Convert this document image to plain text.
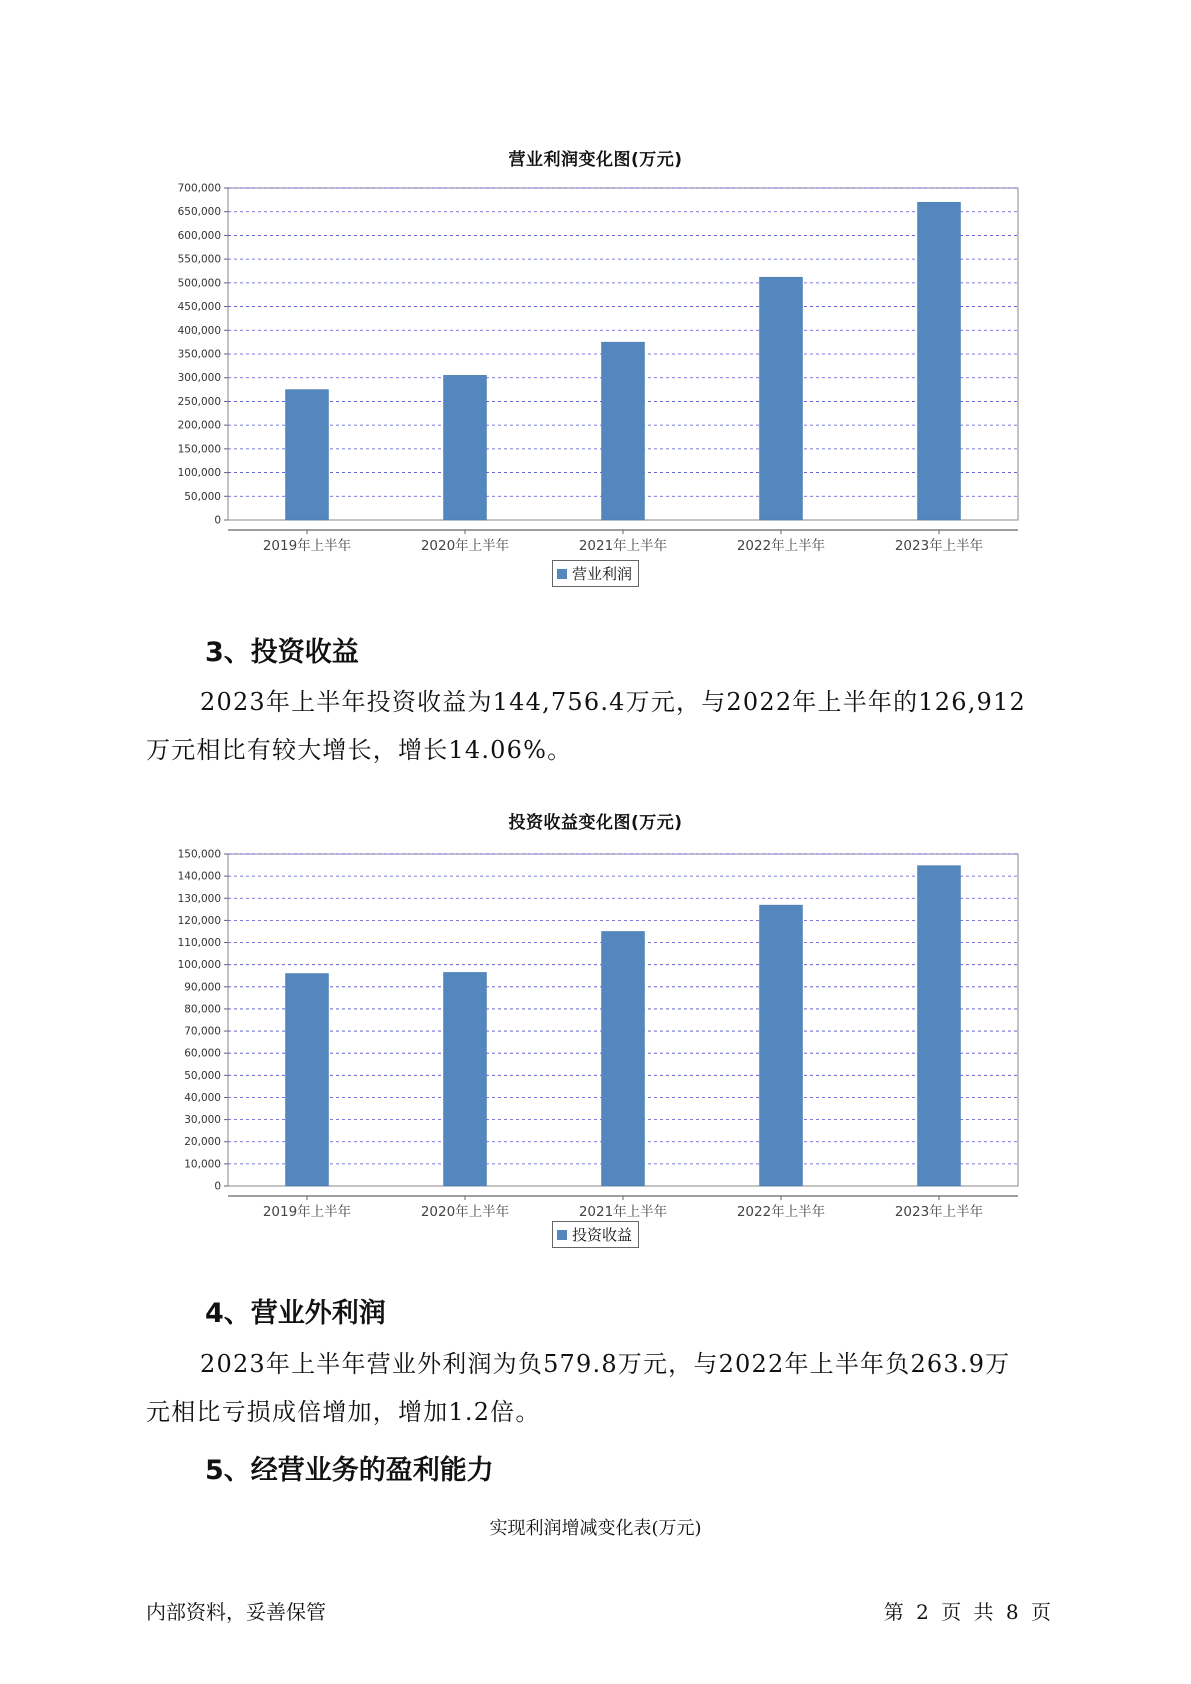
营业利润变化图(万元)
0
50,000
100,000
150,000
200,000
250,000
300,000
350,000
400,000
450,000
500,000
550,000
600,000
650,000
700,000
2019年上半年	2020年上半年	2021年上半年	2022年上半年	2023年上半年
营业利润
3、投资收益

2023年上半年投资收益为144,756.4万元，与2022年上半年的126,912

万元相比有较大增长，增长14.06%。

投资收益变化图(万元)
0
10,000
20,000
30,000
40,000
50,000
60,000
70,000
80,000
90,000
100,000
110,000
120,000
130,000
140,000
150,000
2019年上半年	2020年上半年	2021年上半年	2022年上半年	2023年上半年
投资收益
4、营业外利润

2023年上半年营业外利润为负579.8万元，与2022年上半年负263.9万

元相比亏损成倍增加，增加1.2倍。

5、经营业务的盈利能力
实现利润增减变化表(万元)
内部资料，妥善保管	第 2 页 共 8 页
